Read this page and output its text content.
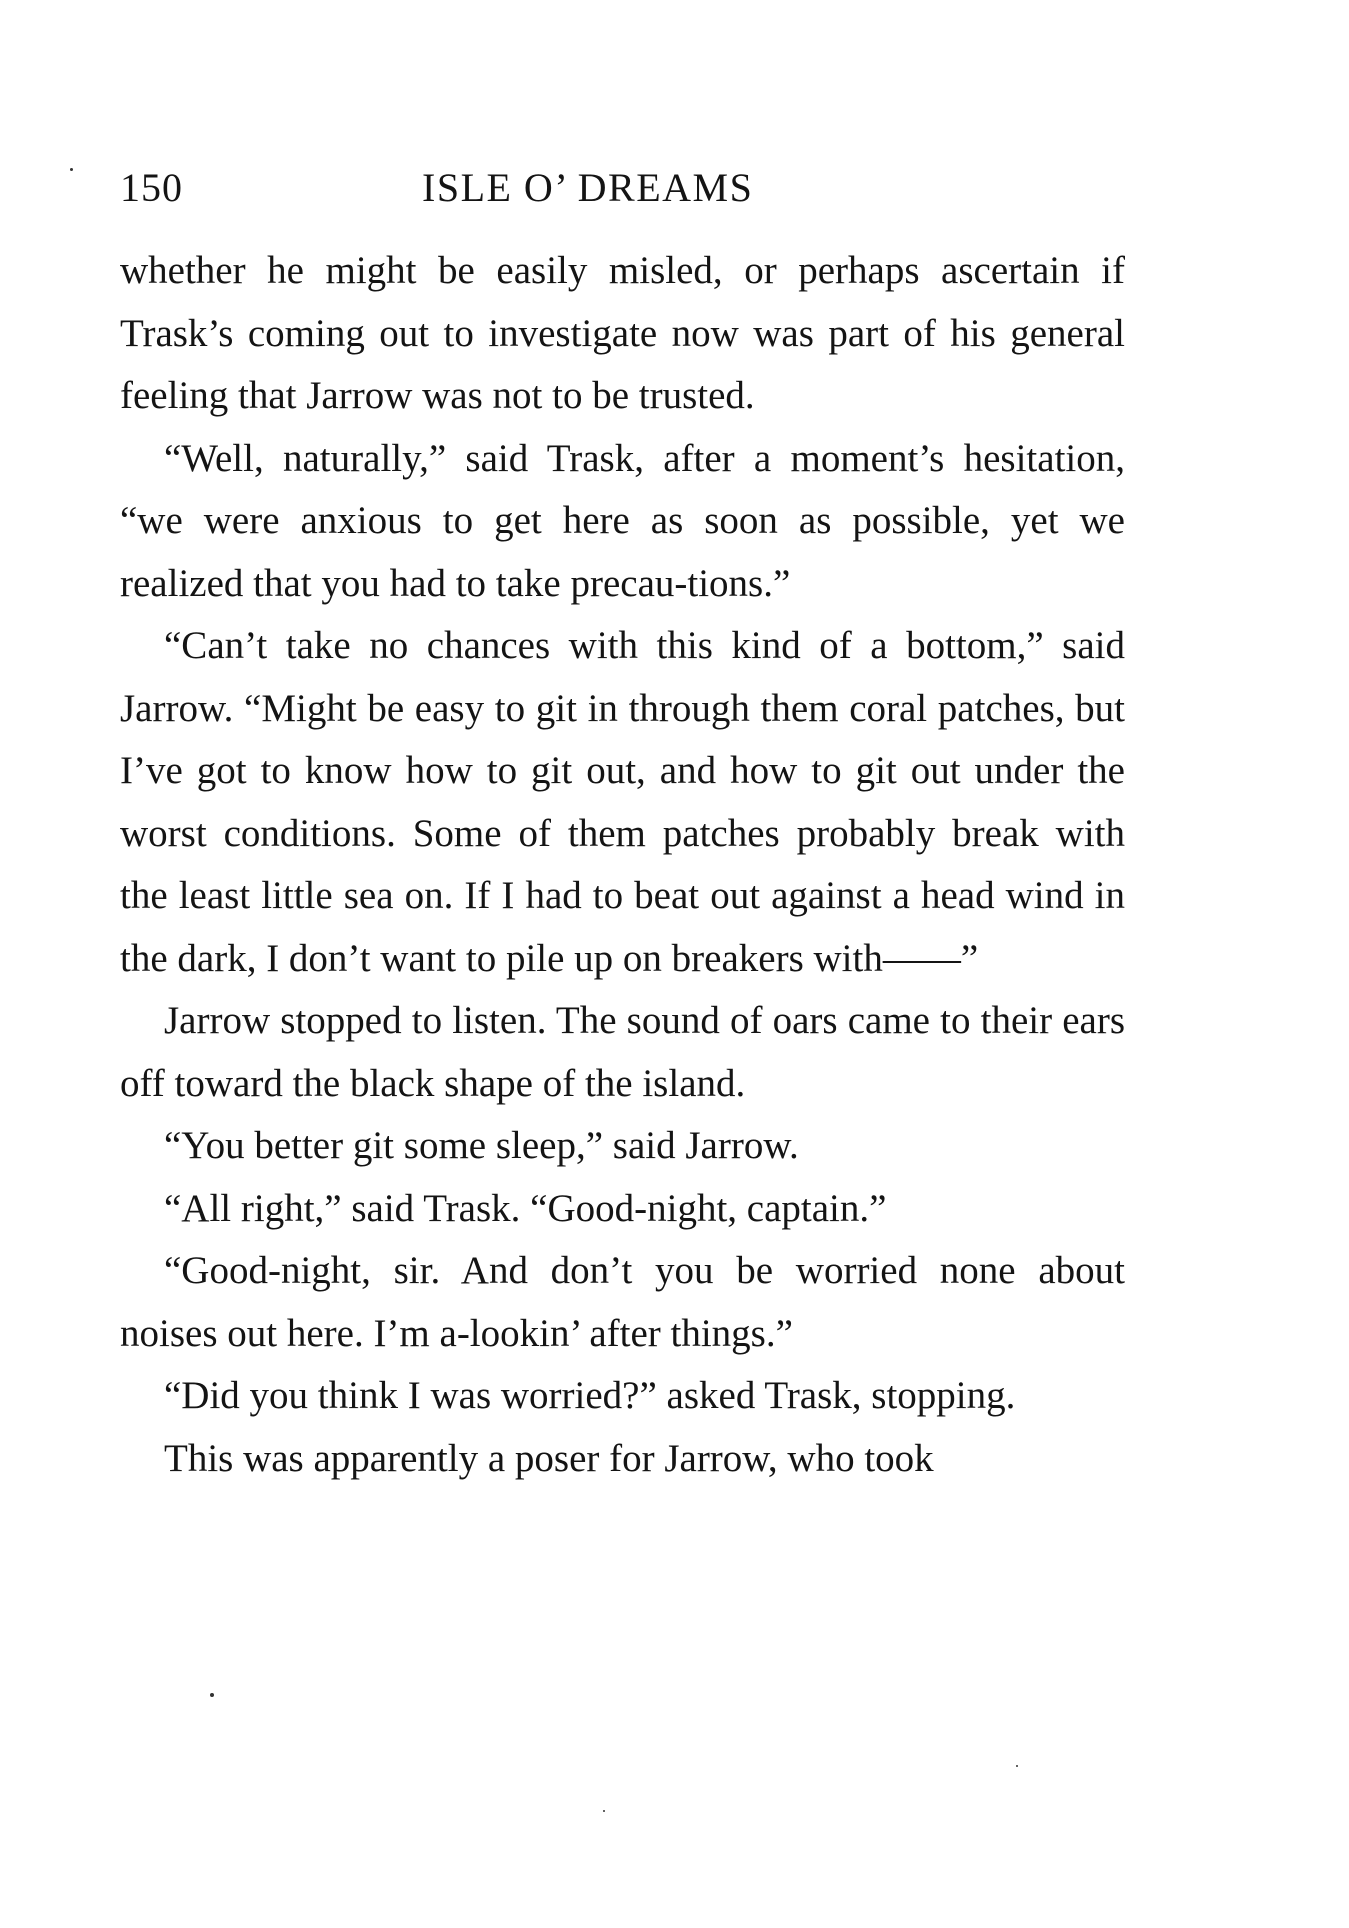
150	ISLE O’ DREAMS

whether he might be easily misled, or perhaps ascertain if Trask’s coming out to investigate now was part of his general feeling that Jarrow was not to be trusted.

“Well, naturally,” said Trask, after a moment’s hesitation, “we were anxious to get here as soon as possible, yet we realized that you had to take precau-tions.”

“Can’t take no chances with this kind of a bottom,” said Jarrow. “Might be easy to git in through them coral patches, but I’ve got to know how to git out, and how to git out under the worst conditions. Some of them patches probably break with the least little sea on. If I had to beat out against a head wind in the dark, I don’t want to pile up on breakers with——”

Jarrow stopped to listen. The sound of oars came to their ears off toward the black shape of the island.

“You better git some sleep,” said Jarrow.

“All right,” said Trask. “Good-night, captain.”

“Good-night, sir. And don’t you be worried none about noises out here. I’m a-lookin’ after things.”

“Did you think I was worried?” asked Trask, stopping.

This was apparently a poser for Jarrow, who took
